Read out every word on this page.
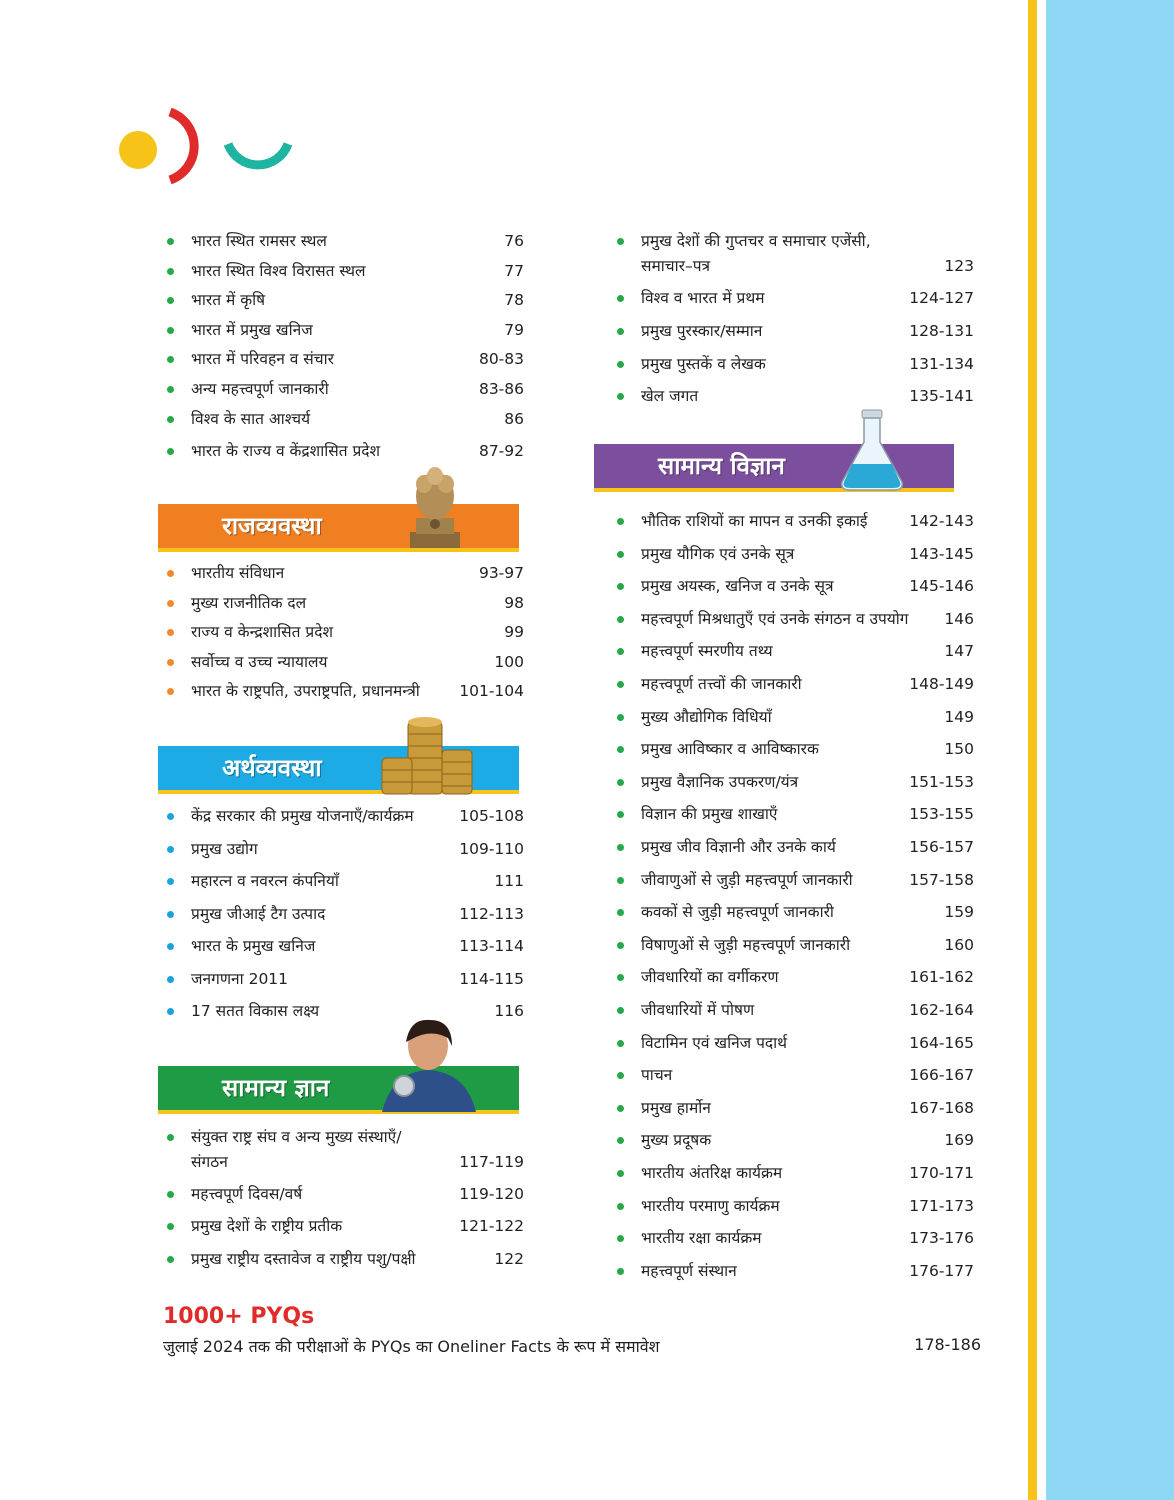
भारत स्थित रामसर स्थल	76
भारत स्थित विश्व विरासत स्थल	77
भारत में कृषि	78
भारत में प्रमुख खनिज	79
भारत में परिवहन व संचार	80-83
अन्य महत्त्वपूर्ण जानकारी	83-86
विश्व के सात आश्चर्य	86
भारत के राज्य व केंद्रशासित प्रदेश	87-92
राजव्यवस्था
भारतीय संविधान	93-97
मुख्य राजनीतिक दल	98
राज्य व केन्द्रशासित प्रदेश	99
सर्वोच्च व उच्च न्यायालय	100
भारत के राष्ट्रपति, उपराष्ट्रपति, प्रधानमन्त्री	101-104
अर्थव्यवस्था
केंद्र सरकार की प्रमुख योजनाएँ/कार्यक्रम	105-108
प्रमुख उद्योग	109-110
महारत्न व नवरत्न कंपनियाँ	111
प्रमुख जीआई टैग उत्पाद	112-113
भारत के प्रमुख खनिज	113-114
जनगणना 2011	114-115
17 सतत विकास लक्ष्य	116
सामान्य ज्ञान
संयुक्त राष्ट्र संघ व अन्य मुख्य संस्थाएँ/
संगठन	117-119
महत्त्वपूर्ण दिवस/वर्ष	119-120
प्रमुख देशों के राष्ट्रीय प्रतीक	121-122
प्रमुख राष्ट्रीय दस्तावेज व राष्ट्रीय पशु/पक्षी	122
प्रमुख देशों की गुप्तचर व समाचार एजेंसी,
समाचार–पत्र	123
विश्व व भारत में प्रथम	124-127
प्रमुख पुरस्कार/सम्मान	128-131
प्रमुख पुस्तकें व लेखक	131-134
खेल जगत	135-141
सामान्य विज्ञान
भौतिक राशियों का मापन व उनकी इकाई	142-143
प्रमुख यौगिक एवं उनके सूत्र	143-145
प्रमुख अयस्क, खनिज व उनके सूत्र	145-146
महत्त्वपूर्ण मिश्रधातुएँ एवं उनके संगठन व उपयोग 146
महत्त्वपूर्ण स्मरणीय तथ्य	147
महत्त्वपूर्ण तत्त्वों की जानकारी	148-149
मुख्य औद्योगिक विधियाँ	149
प्रमुख आविष्कार व आविष्कारक	150
प्रमुख वैज्ञानिक उपकरण/यंत्र	151-153
विज्ञान की प्रमुख शाखाएँ	153-155
प्रमुख जीव विज्ञानी और उनके कार्य	156-157
जीवाणुओं से जुड़ी महत्त्वपूर्ण जानकारी	157-158
कवकों से जुड़ी महत्त्वपूर्ण जानकारी	159
विषाणुओं से जुड़ी महत्त्वपूर्ण जानकारी	160
जीवधारियों का वर्गीकरण	161-162
जीवधारियों में पोषण	162-164
विटामिन एवं खनिज पदार्थ	164-165
पाचन	166-167
प्रमुख हार्मोन	167-168
मुख्य प्रदूषक	169
भारतीय अंतरिक्ष कार्यक्रम	170-171
भारतीय परमाणु कार्यक्रम	171-173
भारतीय रक्षा कार्यक्रम	173-176
महत्त्वपूर्ण संस्थान	176-177
1000+ PYQs
जुलाई 2024 तक की परीक्षाओं के PYQs का Oneliner Facts के रूप में समावेश	178-186
